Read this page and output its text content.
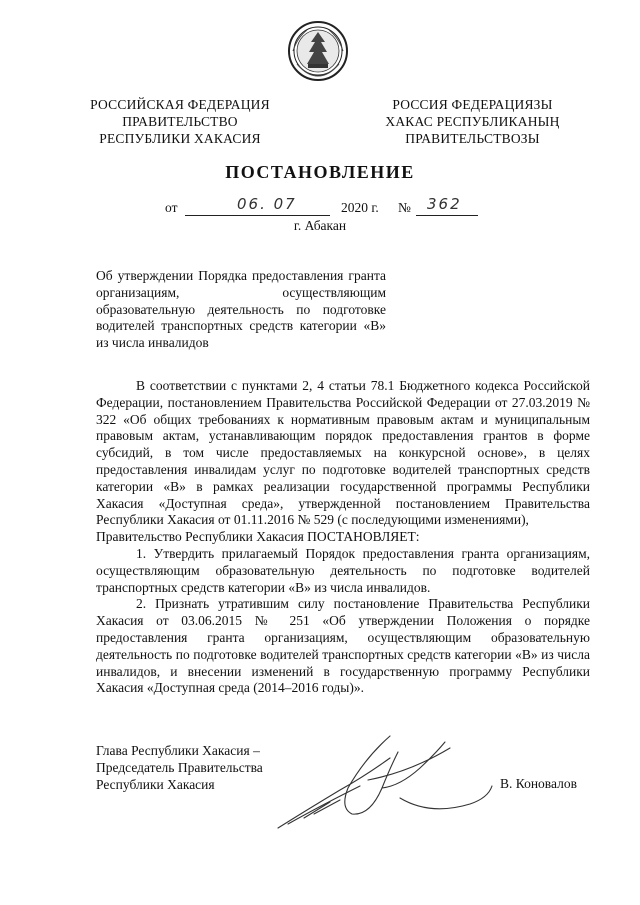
РОССИЙСКАЯ ФЕДЕРАЦИЯ
ПРАВИТЕЛЬСТВО
РЕСПУБЛИКИ ХАКАСИЯ
РОССИЯ ФЕДЕРАЦИЯЗЫ
ХАКАС РЕСПУБЛИКАНЫҢ
ПРАВИТЕЛЬСТВОЗЫ
ПОСТАНОВЛЕНИЕ
от	06. 07	2020 г. № 362
г. Абакан
Об утверждении Порядка предоставления гранта организациям, осуществляющим образовательную деятельность по подготовке водителей транспортных средств категории «В» из числа инвалидов

В соответствии с пунктами 2, 4 статьи 78.1 Бюджетного кодекса Российской Федерации, постановлением Правительства Российской Федерации от 27.03.2019 № 322 «Об общих требованиях к нормативным правовым актам и муниципальным правовым актам, устанавливающим порядок предоставления грантов в форме субсидий, в том числе предоставляемых на конкурсной основе», в целях предоставления инвалидам услуг по подготовке водителей транспортных средств категории «В» в рамках реализации государственной программы Республики Хакасия «Доступная среда», утвержденной постановлением Правительства Республики Хакасия от 01.11.2016 № 529 (с последующими изменениями),

Правительство Республики Хакасия ПОСТАНОВЛЯЕТ:

1. Утвердить прилагаемый Порядок предоставления гранта организациям, осуществляющим образовательную деятельность по подготовке водителей транспортных средств категории «В» из числа инвалидов.

2. Признать утратившим силу постановление Правительства Республики Хакасия от 03.06.2015 № 251 «Об утверждении Положения о порядке предоставления гранта организациям, осуществляющим образовательную деятельность по подготовке водителей транспортных средств категории «В» из числа инвалидов, и внесении изменений в государственную программу Республики Хакасия «Доступная среда (2014–2016 годы)».

Глава Республики Хакасия –
Председатель Правительства
Республики Хакасия	В. Коновалов
